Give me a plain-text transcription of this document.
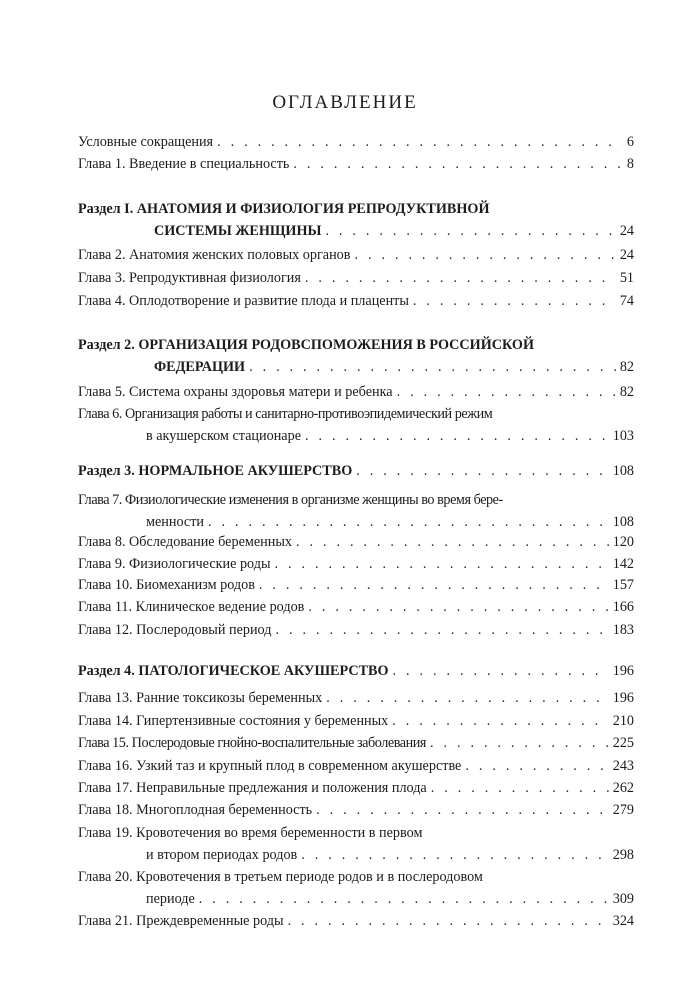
ОГЛАВЛЕНИЕ
Условные сокращения . . .	6
Глава 1. Введение в специальность . . .	8
Раздел I. АНАТОМИЯ И ФИЗИОЛОГИЯ РЕПРОДУКТИВНОЙ
СИСТЕМЫ ЖЕНЩИНЫ . . .	24
Глава 2. Анатомия женских половых органов . . .	24
Глава 3. Репродуктивная физиология . . .	51
Глава 4. Оплодотворение и развитие плода и плаценты . . .	74
Раздел 2. ОРГАНИЗАЦИЯ РОДОВСПОМОЖЕНИЯ В РОССИЙСКОЙ
ФЕДЕРАЦИИ . . .	82
Глава 5. Система охраны здоровья матери и ребенка . . .	82
Глава 6. Организация работы и санитарно-противоэпидемический режим
в акушерском стационаре . . .	103
Раздел 3. НОРМАЛЬНОЕ АКУШЕРСТВО . . .	108
Глава 7. Физиологические изменения в организме женщины во время бере-
менности . . .	108
Глава 8. Обследование беременных . . .	120
Глава 9. Физиологические роды . . .	142
Глава 10. Биомеханизм родов . . .	157
Глава 11. Клиническое ведение родов . . .	166
Глава 12. Послеродовый период . . .	183
Раздел 4. ПАТОЛОГИЧЕСКОЕ АКУШЕРСТВО . . .	196
Глава 13. Ранние токсикозы беременных . . .	196
Глава 14. Гипертензивные состояния у беременных . . .	210
Глава 15. Послеродовые гнойно-воспалительные заболевания . . .	225
Глава 16. Узкий таз и крупный плод в современном акушерстве . . .	243
Глава 17. Неправильные предлежания и положения плода . . .	262
Глава 18. Многоплодная беременность . . .	279
Глава 19. Кровотечения во время беременности в первом
и втором периодах родов . . .	298
Глава 20. Кровотечения в третьем периоде родов и в послеродовом
периоде . . .	309
Глава 21. Преждевременные роды . . .	324
